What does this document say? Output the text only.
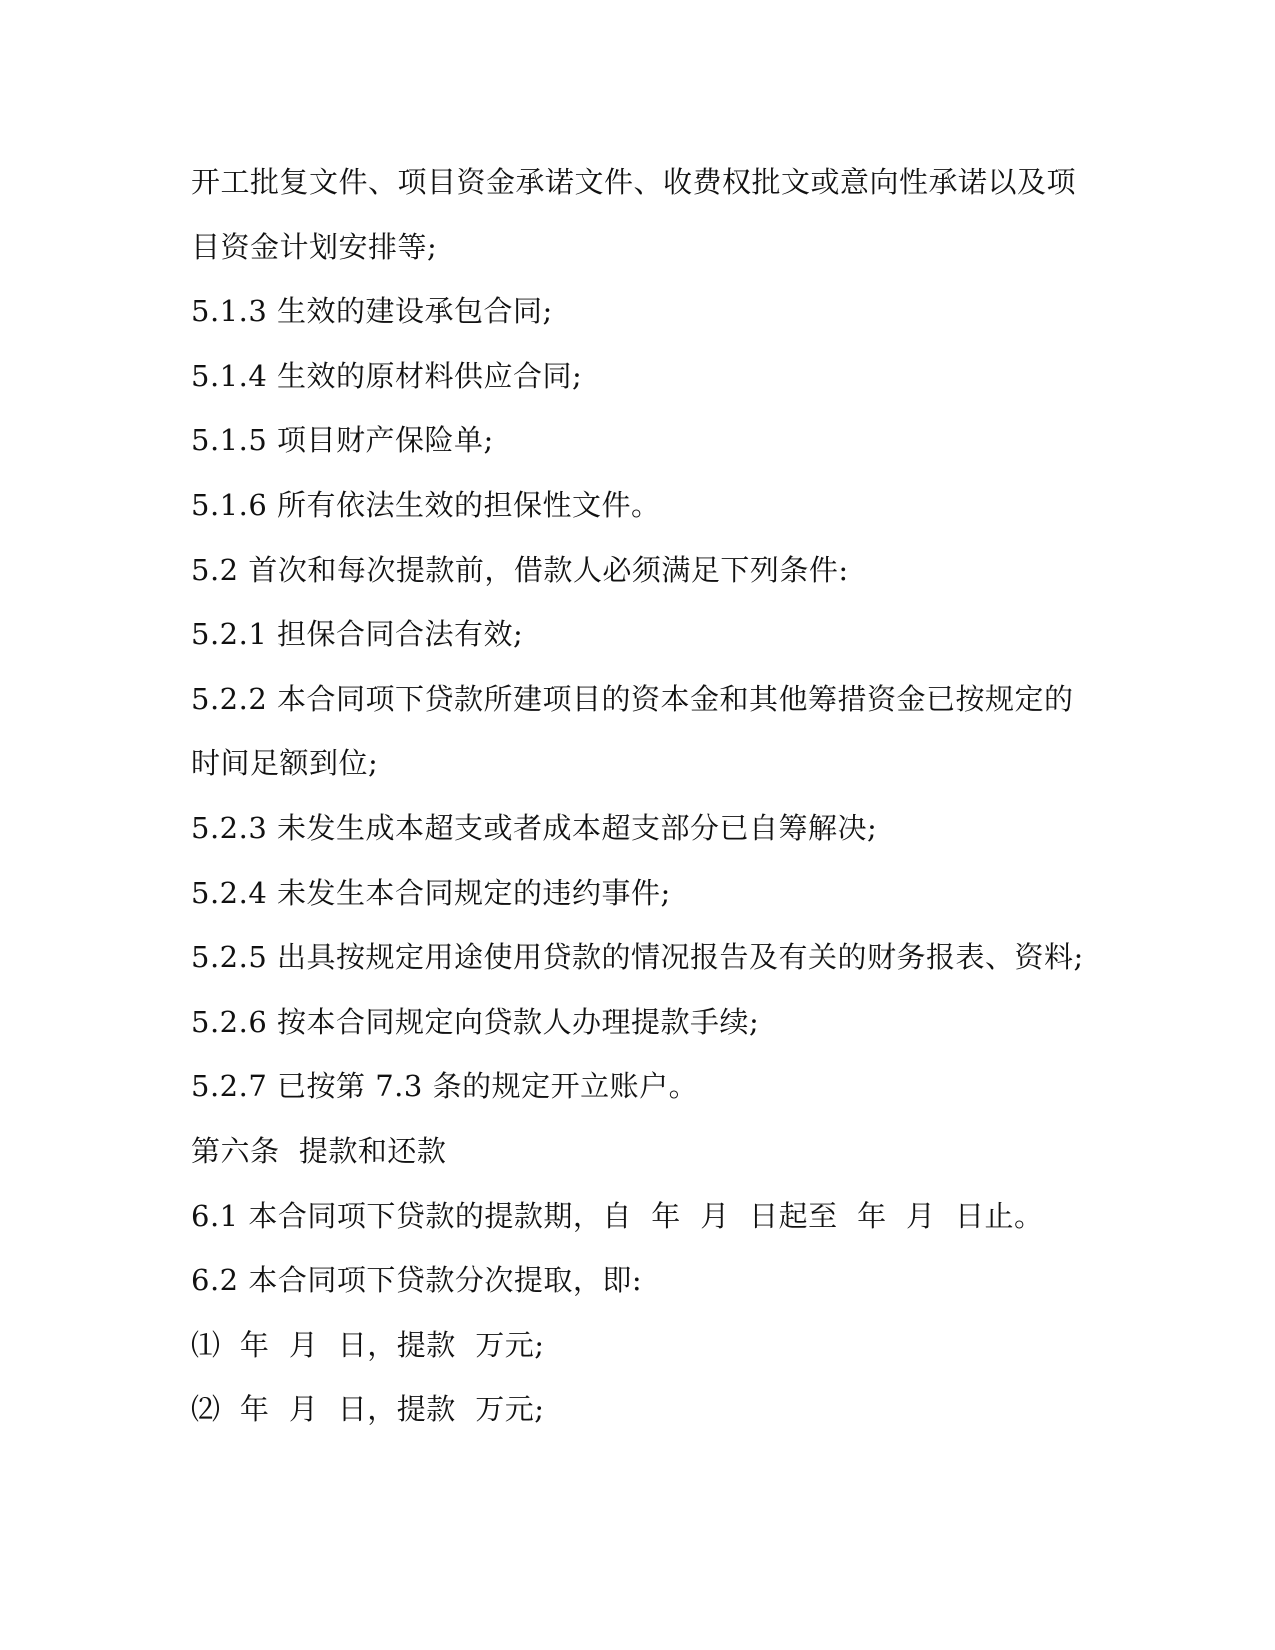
开工批复文件、项目资金承诺文件、收费权批文或意向性承诺以及项
目资金计划安排等;
5.1.3 生效的建设承包合同;
5.1.4 生效的原材料供应合同;
5.1.5 项目财产保险单;
5.1.6 所有依法生效的担保性文件。
5.2 首次和每次提款前，借款人必须满足下列条件:
5.2.1 担保合同合法有效;
5.2.2 本合同项下贷款所建项目的资本金和其他筹措资金已按规定的
时间足额到位;
5.2.3 未发生成本超支或者成本超支部分已自筹解决;
5.2.4 未发生本合同规定的违约事件;
5.2.5 出具按规定用途使用贷款的情况报告及有关的财务报表、资料;
5.2.6 按本合同规定向贷款人办理提款手续;
5.2.7 已按第 7.3 条的规定开立账户。
第六条  提款和还款
6.1 本合同项下贷款的提款期，自  年  月  日起至  年  月  日止。
6.2 本合同项下贷款分次提取，即:
⑴  年  月  日，提款  万元;
⑵  年  月  日，提款  万元;
